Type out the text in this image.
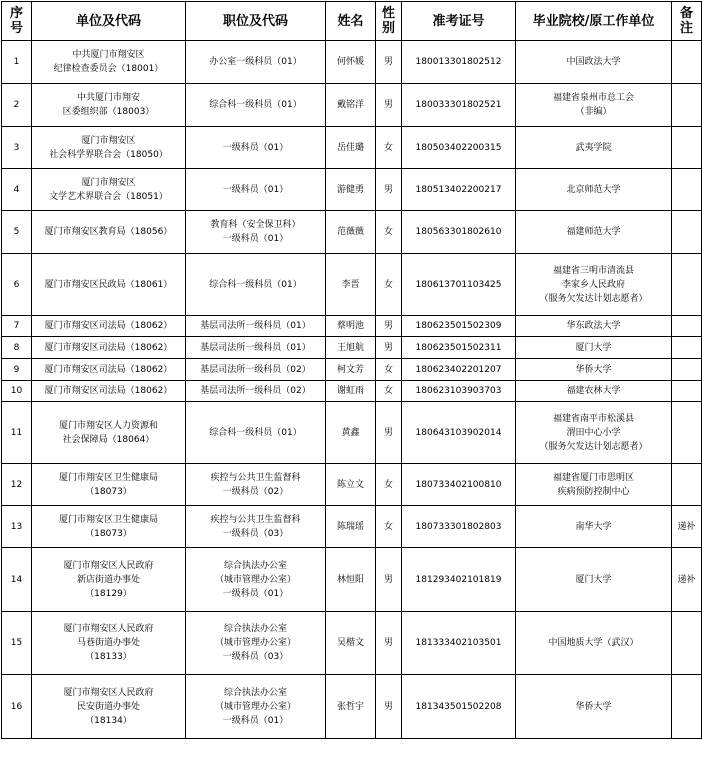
序号	单位及代码	职位及代码	姓名	性别	准考证号	毕业院校/原工作单位	备注
1	中共厦门市翔安区
纪律检查委员会（18001）	办公室一级科员（01）	何怀媛	男	180013301802512	中国政法大学	

2	中共厦门市翔安
区委组织部（18003）	综合科一级科员（01）	戴铭洋	男	180033301802521	福建省泉州市总工会
（非编）	

3	厦门市翔安区
社会科学界联合会（18050）	一级科员（01）	岳佳璐	女	180503402200315	武夷学院	

4	厦门市翔安区
文学艺术界联合会（18051）	一级科员（01）	游健勇	男	180513402200217	北京师范大学	

5	厦门市翔安区教育局（18056）	教育科（安全保卫科）
一级科员（01）	范薇薇	女	180563301802610	福建师范大学	

6	厦门市翔安区民政局（18061）	综合科一级科员（01）	李晋	女	180613701103425	福建省三明市清流县
李家乡人民政府
（服务欠发达计划志愿者）	

7	厦门市翔安区司法局（18062）	基层司法所一级科员（01）	蔡明池	男	180623501502309	华东政法大学	

8	厦门市翔安区司法局（18062）	基层司法所一级科员（01）	王旭航	男	180623501502311	厦门大学	

9	厦门市翔安区司法局（18062）	基层司法所一级科员（02）	柯文芳	女	180623402201207	华侨大学	

10	厦门市翔安区司法局（18062）	基层司法所一级科员（02）	谢虹雨	女	180623103903703	福建农林大学	

11	厦门市翔安区人力资源和
社会保障局（18064）	综合科一级科员（01）	黄鑫	男	180643103902014	福建省南平市松溪县
渭田中心小学
（服务欠发达计划志愿者）	

12	厦门市翔安区卫生健康局
（18073）	疾控与公共卫生监督科
一级科员（02）	陈立文	女	180733402100810	福建省厦门市思明区
疾病预防控制中心	

13	厦门市翔安区卫生健康局
（18073）	疾控与公共卫生监督科
一级科员（03）	陈瑞瑶	女	180733301802803	南华大学	递补
14	厦门市翔安区人民政府
新店街道办事处
（18129）	综合执法办公室
（城市管理办公室）
一级科员（01）	林恒阳	男	181293402101819	厦门大学	递补
15	厦门市翔安区人民政府
马巷街道办事处
（18133）	综合执法办公室
（城市管理办公室）
一级科员（03）	吴楷文	男	181333402103501	中国地质大学（武汉）	

16	厦门市翔安区人民政府
民安街道办事处
（18134）	综合执法办公室
（城市管理办公室）
一级科员（01）	张哲宇	男	181343501502208	华侨大学	
